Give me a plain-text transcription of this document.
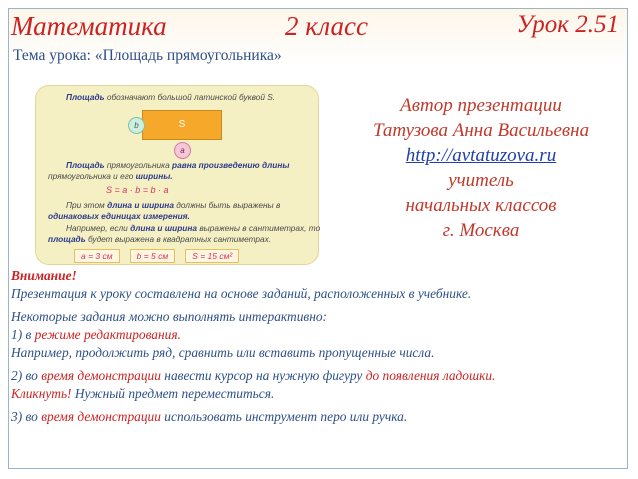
Математика	2 класс	Урок 2.51
Тема урока: «Площадь прямоугольника»
Площадь обозначают большой латинской буквой S.
S
b
a
Площадь прямоугольника равна произведению длины
прямоугольника и его ширины.
S = a · b = b · a
При этом длина и ширина должны быть выражены в
одинаковых единицах измерения.
Например, если длина и ширина выражены в сантиметрах, то
площадь будет выражена в квадратных сантиметрах.
a = 3 см	b = 5 см	S = 15 см²
Автор презентации
Татузова Анна Васильевна
http://avtatuzova.ru
учитель
начальных классов
г. Москва

Внимание!
Презентация к уроку составлена на основе заданий, расположенных в учебнике.

Некоторые задания можно выполнять интерактивно:
1) в режиме редактирования.
Например, продолжить ряд, сравнить или вставить пропущенные числа.

2) во время демонстрации навести курсор на нужную фигуру до появления ладошки.
Кликнуть! Нужный предмет переместиться.

3) во время демонстрации использовать инструмент перо или ручка.
